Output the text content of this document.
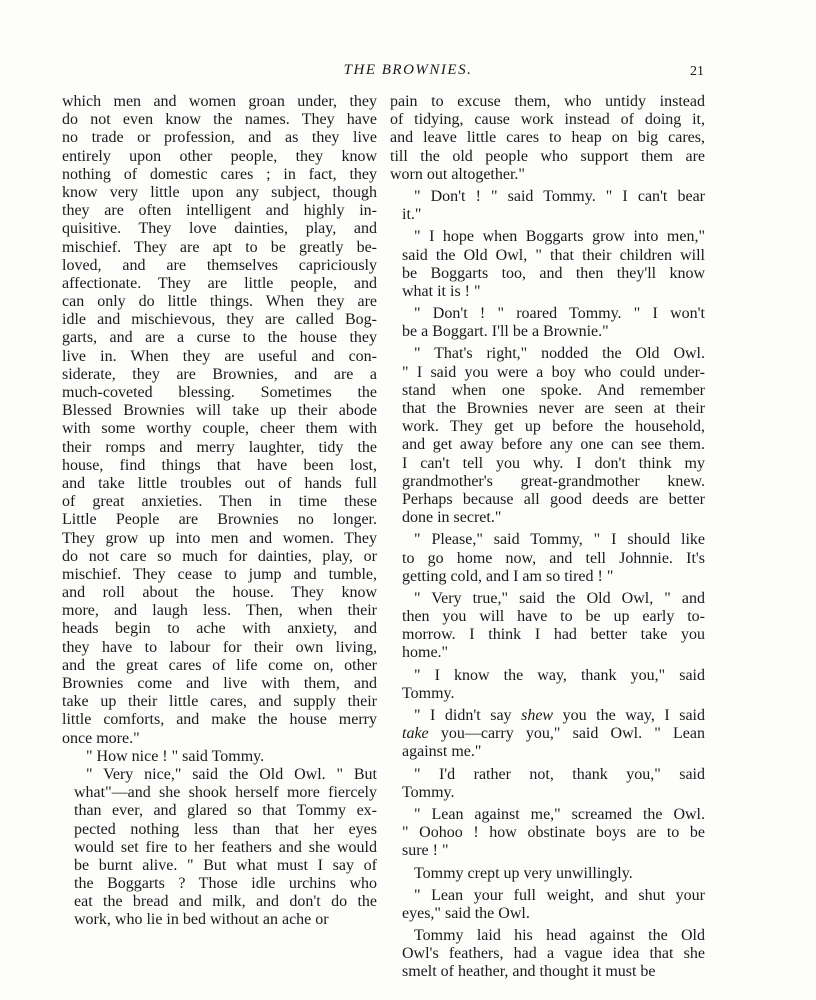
THE BROWNIES.	21

which men and women groan under, they
do not even know the names. They have
no trade or profession, and as they live
entirely upon other people, they know
nothing of domestic cares ; in fact, they
know very little upon any subject, though
they are often intelligent and highly in-
quisitive. They love dainties, play, and
mischief. They are apt to be greatly be-
loved, and are themselves capriciously
affectionate. They are little people, and
can only do little things. When they are
idle and mischievous, they are called Bog-
garts, and are a curse to the house they
live in. When they are useful and con-
siderate, they are Brownies, and are a
much-coveted blessing. Sometimes the
Blessed Brownies will take up their abode
with some worthy couple, cheer them with
their romps and merry laughter, tidy the
house, find things that have been lost,
and take little troubles out of hands full
of great anxieties. Then in time these
Little People are Brownies no longer.
They grow up into men and women. They
do not care so much for dainties, play, or
mischief. They cease to jump and tumble,
and roll about the house. They know
more, and laugh less. Then, when their
heads begin to ache with anxiety, and
they have to labour for their own living,
and the great cares of life come on, other
Brownies come and live with them, and
take up their little cares, and supply their
little comforts, and make the house merry
once more."

" How nice ! " said Tommy.

" Very nice," said the Old Owl. " But
what"—and she shook herself more fiercely
than ever, and glared so that Tommy ex-
pected nothing less than that her eyes
would set fire to her feathers and she would
be burnt alive. " But what must I say of
the Boggarts ? Those idle urchins who
eat the bread and milk, and don't do the
work, who lie in bed without an ache or

pain to excuse them, who untidy instead
of tidying, cause work instead of doing it,
and leave little cares to heap on big cares,
till the old people who support them are
worn out altogether."

" Don't ! " said Tommy. " I can't bear
it."

" I hope when Boggarts grow into men,"
said the Old Owl, " that their children will
be Boggarts too, and then they'll know
what it is ! "

" Don't ! " roared Tommy. " I won't
be a Boggart. I'll be a Brownie."

" That's right," nodded the Old Owl.
" I said you were a boy who could under-
stand when one spoke. And remember
that the Brownies never are seen at their
work. They get up before the household,
and get away before any one can see them.
I can't tell you why. I don't think my
grandmother's great-grandmother knew.
Perhaps because all good deeds are better
done in secret."

" Please," said Tommy, " I should like
to go home now, and tell Johnnie. It's
getting cold, and I am so tired ! "

" Very true," said the Old Owl, " and
then you will have to be up early to-
morrow. I think I had better take you
home."

" I know the way, thank you," said
Tommy.

" I didn't say shew you the way, I said
take you—carry you," said Owl. " Lean
against me."

" I'd rather not, thank you," said
Tommy.

" Lean against me," screamed the Owl.
" Oohoo ! how obstinate boys are to be
sure ! "

Tommy crept up very unwillingly.

" Lean your full weight, and shut your
eyes," said the Owl.

Tommy laid his head against the Old
Owl's feathers, had a vague idea that she
smelt of heather, and thought it must be
